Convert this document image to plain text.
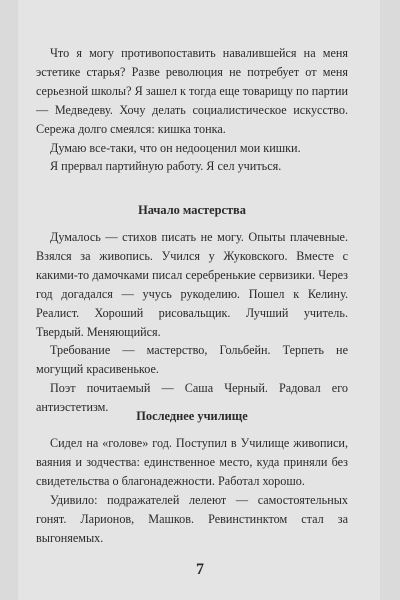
Что я могу противопоставить навалившейся на меня эстетике старья? Разве революция не потребует от меня серьезной школы? Я зашел к тогда еще товарищу по партии — Медведеву. Хочу делать социалистическое искусство. Сережа долго смеялся: кишка тонка.

Думаю все-таки, что он недооценил мои кишки.

Я прервал партийную работу. Я сел учиться.

Начало мастерства

Думалось — стихов писать не могу. Опыты плачевные. Взялся за живопись. Учился у Жуковского. Вместе с какими-то дамочками писал серебренькие сервизики. Через год догадался — учусь рукоделию. Пошел к Келину. Реалист. Хороший рисовальщик. Лучший учитель. Твердый. Меняющийся.

Требование — мастерство, Гольбейн. Терпеть не могущий красивенькое.

Поэт почитаемый — Саша Черный. Радовал его антиэстетизм.

Последнее училище

Сидел на «голове» год. Поступил в Училище живописи, ваяния и зодчества: единственное место, куда приняли без свидетельства о благонадежности. Работал хорошо.

Удивило: подражателей лелеют — самостоятельных гонят. Ларионов, Машков. Ревинстинктом стал за выгоняемых.

7
